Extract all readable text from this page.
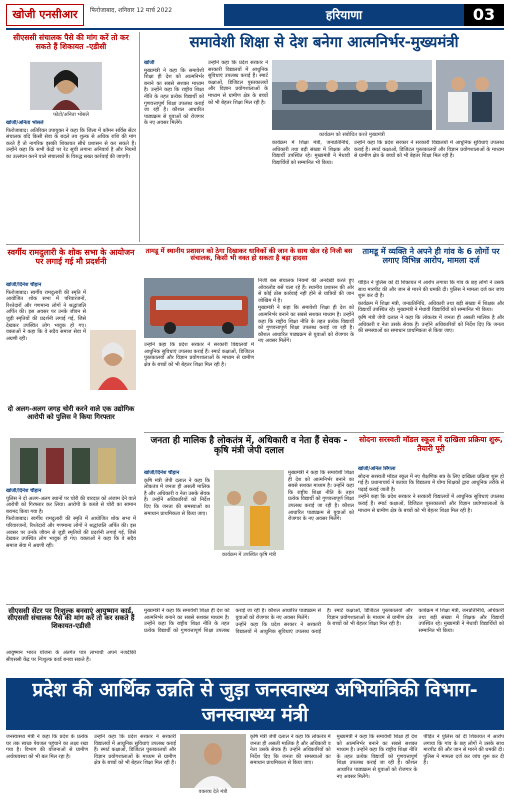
खोजी एनसीआर	फिरोजाबाद, शनिवार 12 मार्च 2022	हरियाणा	03
सीएससी संचालक पैसे की मांग करें तो कर सकते हैं शिकायत -एडीसी
फोटो/अनिता भोसले

खोजी/अनिता भोसले

फिरोजाबाद। अतिरिक्त उपायुक्त ने कहा कि जिला में कॉमन सर्विस सेंटर संचालक यदि किसी सेवा के बदले तय शुल्क से अधिक राशि की मांग करते हैं तो नागरिक इसकी शिकायत सीधे प्रशासन से कर सकते हैं। उन्होंने कहा कि सभी केंद्रों पर रेट सूची लगाना अनिवार्य है और नियमों का उल्लंघन करने वाले संचालकों के विरुद्ध सख्त कार्रवाई की जाएगी।

समावेशी शिक्षा से देश बनेगा आत्मनिर्भर-मुख्यमंत्री

खोजी

मुख्यमंत्री ने कहा कि समावेशी शिक्षा ही देश को आत्मनिर्भर बनाने का सबसे सशक्त माध्यम है। उन्होंने कहा कि राष्ट्रीय शिक्षा नीति के तहत प्रत्येक विद्यार्थी को गुणवत्तापूर्ण शिक्षा उपलब्ध कराई जा रही है। कौशल आधारित पाठ्यक्रम से युवाओं को रोजगार के नए अवसर मिलेंगे।

उन्होंने कहा कि प्रदेश सरकार ने सरकारी विद्यालयों में आधुनिक सुविधाएं उपलब्ध कराई हैं। स्मार्ट कक्षाओं, डिजिटल पुस्तकालयों और विज्ञान प्रयोगशालाओं के माध्यम से ग्रामीण क्षेत्र के बच्चों को भी बेहतर शिक्षा मिल रही है।

कार्यक्रम को संबोधित करते मुख्यमंत्री

कार्यक्रम में शिक्षा मंत्री, जनप्रतिनिधि, अधिकारी तथा बड़ी संख्या में शिक्षक और विद्यार्थी उपस्थित रहे। मुख्यमंत्री ने मेधावी विद्यार्थियों को सम्मानित भी किया।

उन्होंने कहा कि प्रदेश सरकार ने सरकारी विद्यालयों में आधुनिक सुविधाएं उपलब्ध कराई हैं। स्मार्ट कक्षाओं, डिजिटल पुस्तकालयों और विज्ञान प्रयोगशालाओं के माध्यम से ग्रामीण क्षेत्र के बच्चों को भी बेहतर शिक्षा मिल रही है।

स्वर्गीय रामदुलारी के शोक सभा के आयोजन पर लगाई गई मौ प्रदर्शनी

खोजी/दिनेश चौहान

फिरोजाबाद। स्वर्गीय रामदुलारी की स्मृति में आयोजित शोक सभा में परिवारजनों, रिश्तेदारों और गणमान्य लोगों ने श्रद्धांजलि अर्पित की। इस अवसर पर उनके जीवन से जुड़ी स्मृतियों की प्रदर्शनी लगाई गई, जिसे देखकर उपस्थित लोग भावुक हो गए। वक्ताओं ने कहा कि वे सदैव समाज सेवा में अग्रणी रहीं।

तामडू में स्थानीय प्रशासन को ठेगा दिखाकर धाविकों की जान के साथ खेल रहे निजी बस संचालक, किसी भी वक्त हो सकता है बड़ा हादसा

निजी बस संचालक नियमों की अनदेखी करते हुए ओवरलोड बसें चला रहे हैं। स्थानीय प्रशासन की ओर से कोई ठोस कार्रवाई नहीं होने से यात्रियों की जान जोखिम में है।

मुख्यमंत्री ने कहा कि समावेशी शिक्षा ही देश को आत्मनिर्भर बनाने का सबसे सशक्त माध्यम है। उन्होंने कहा कि राष्ट्रीय शिक्षा नीति के तहत प्रत्येक विद्यार्थी को गुणवत्तापूर्ण शिक्षा उपलब्ध कराई जा रही है। कौशल आधारित पाठ्यक्रम से युवाओं को रोजगार के नए अवसर मिलेंगे।

उन्होंने कहा कि प्रदेश सरकार ने सरकारी विद्यालयों में आधुनिक सुविधाएं उपलब्ध कराई हैं। स्मार्ट कक्षाओं, डिजिटल पुस्तकालयों और विज्ञान प्रयोगशालाओं के माध्यम से ग्रामीण क्षेत्र के बच्चों को भी बेहतर शिक्षा मिल रही है।

तामडू में व्यक्ति ने अपने ही गांव के 6 लोगों पर लगाए विभिन्न आरोप, मामला दर्ज

पीड़ित ने पुलिस को दी शिकायत में आरोप लगाया कि गांव के छह लोगों ने उसके साथ मारपीट की और जान से मारने की धमकी दी। पुलिस ने मामला दर्ज कर जांच शुरू कर दी है।

कार्यक्रम में शिक्षा मंत्री, जनप्रतिनिधि, अधिकारी तथा बड़ी संख्या में शिक्षक और विद्यार्थी उपस्थित रहे। मुख्यमंत्री ने मेधावी विद्यार्थियों को सम्मानित भी किया।

कृषि मंत्री जेपी दलाल ने कहा कि लोकतंत्र में जनता ही असली मालिक है और अधिकारी व नेता उसके सेवक हैं। उन्होंने अधिकारियों को निर्देश दिए कि जनता की समस्याओं का समाधान प्राथमिकता से किया जाए।

दो अलग-अलग जगह चोरी करने वाले एक उद्योगिक आरोपी को पुलिस ने किया गिरफ्तार

खोजी/दिनेश चौहान

पुलिस ने दो अलग-अलग स्थानों पर चोरी की वारदात को अंजाम देने वाले आरोपी को गिरफ्तार कर लिया। आरोपी के कब्जे से चोरी का सामान बरामद किया गया है।

फिरोजाबाद। स्वर्गीय रामदुलारी की स्मृति में आयोजित शोक सभा में परिवारजनों, रिश्तेदारों और गणमान्य लोगों ने श्रद्धांजलि अर्पित की। इस अवसर पर उनके जीवन से जुड़ी स्मृतियों की प्रदर्शनी लगाई गई, जिसे देखकर उपस्थित लोग भावुक हो गए। वक्ताओं ने कहा कि वे सदैव समाज सेवा में अग्रणी रहीं।

जनता ही मालिक है लोकतंत्र में, अधिकारी व नेता हैं सेवक - कृषि मंत्री जेपी दलाल

खोजी/दिनेश चौहान

कृषि मंत्री जेपी दलाल ने कहा कि लोकतंत्र में जनता ही असली मालिक है और अधिकारी व नेता उसके सेवक हैं। उन्होंने अधिकारियों को निर्देश दिए कि जनता की समस्याओं का समाधान प्राथमिकता से किया जाए।

कार्यक्रम में उपस्थित कृषि मंत्री

मुख्यमंत्री ने कहा कि समावेशी शिक्षा ही देश को आत्मनिर्भर बनाने का सबसे सशक्त माध्यम है। उन्होंने कहा कि राष्ट्रीय शिक्षा नीति के तहत प्रत्येक विद्यार्थी को गुणवत्तापूर्ण शिक्षा उपलब्ध कराई जा रही है। कौशल आधारित पाठ्यक्रम से युवाओं को रोजगार के नए अवसर मिलेंगे।

सोदना सरस्वती मॉडल स्कूल में दाखिला प्रक्रिया शुरू, तैयारी पूरी

खोजी/अनिल सिंगला

सोदना सरस्वती मॉडल स्कूल में नए शैक्षणिक सत्र के लिए दाखिला प्रक्रिया शुरू हो गई है। प्रधानाचार्य ने बताया कि विद्यालय में योग्य शिक्षकों द्वारा आधुनिक तरीके से पढ़ाई कराई जाती है।

उन्होंने कहा कि प्रदेश सरकार ने सरकारी विद्यालयों में आधुनिक सुविधाएं उपलब्ध कराई हैं। स्मार्ट कक्षाओं, डिजिटल पुस्तकालयों और विज्ञान प्रयोगशालाओं के माध्यम से ग्रामीण क्षेत्र के बच्चों को भी बेहतर शिक्षा मिल रही है।

सीएससी सेंटर पर निःशुल्क बनवाएं आयुष्मान कार्ड, सीएससी संचालक पैसे की मांग करें तो कर सकते हैं शिकायत-एडीसी

आयुष्मान भारत योजना के अंतर्गत पात्र लाभार्थी अपने नजदीकी सीएससी केंद्र पर निःशुल्क कार्ड बनवा सकते हैं।

मुख्यमंत्री ने कहा कि समावेशी शिक्षा ही देश को आत्मनिर्भर बनाने का सबसे सशक्त माध्यम है। उन्होंने कहा कि राष्ट्रीय शिक्षा नीति के तहत प्रत्येक विद्यार्थी को गुणवत्तापूर्ण शिक्षा उपलब्ध कराई जा रही है। कौशल आधारित पाठ्यक्रम से युवाओं को रोजगार के नए अवसर मिलेंगे।

उन्होंने कहा कि प्रदेश सरकार ने सरकारी विद्यालयों में आधुनिक सुविधाएं उपलब्ध कराई हैं। स्मार्ट कक्षाओं, डिजिटल पुस्तकालयों और विज्ञान प्रयोगशालाओं के माध्यम से ग्रामीण क्षेत्र के बच्चों को भी बेहतर शिक्षा मिल रही है।

कार्यक्रम में शिक्षा मंत्री, जनप्रतिनिधि, अधिकारी तथा बड़ी संख्या में शिक्षक और विद्यार्थी उपस्थित रहे। मुख्यमंत्री ने मेधावी विद्यार्थियों को सम्मानित भी किया।

प्रदेश की आर्थिक उन्नति से जुड़ा जनस्वास्थ्य अभियांत्रिकी विभाग-जनस्वास्थ्य मंत्री

जनस्वास्थ्य मंत्री ने कहा कि प्रदेश के प्रत्येक घर तक स्वच्छ पेयजल पहुंचाने का लक्ष्य रखा गया है। विभाग की योजनाओं से ग्रामीण अर्थव्यवस्था को भी बल मिल रहा है।

उन्होंने कहा कि प्रदेश सरकार ने सरकारी विद्यालयों में आधुनिक सुविधाएं उपलब्ध कराई हैं। स्मार्ट कक्षाओं, डिजिटल पुस्तकालयों और विज्ञान प्रयोगशालाओं के माध्यम से ग्रामीण क्षेत्र के बच्चों को भी बेहतर शिक्षा मिल रही है।

वक्तव्य देते मंत्री

कृषि मंत्री जेपी दलाल ने कहा कि लोकतंत्र में जनता ही असली मालिक है और अधिकारी व नेता उसके सेवक हैं। उन्होंने अधिकारियों को निर्देश दिए कि जनता की समस्याओं का समाधान प्राथमिकता से किया जाए।

मुख्यमंत्री ने कहा कि समावेशी शिक्षा ही देश को आत्मनिर्भर बनाने का सबसे सशक्त माध्यम है। उन्होंने कहा कि राष्ट्रीय शिक्षा नीति के तहत प्रत्येक विद्यार्थी को गुणवत्तापूर्ण शिक्षा उपलब्ध कराई जा रही है। कौशल आधारित पाठ्यक्रम से युवाओं को रोजगार के नए अवसर मिलेंगे।

पीड़ित ने पुलिस को दी शिकायत में आरोप लगाया कि गांव के छह लोगों ने उसके साथ मारपीट की और जान से मारने की धमकी दी। पुलिस ने मामला दर्ज कर जांच शुरू कर दी है।
